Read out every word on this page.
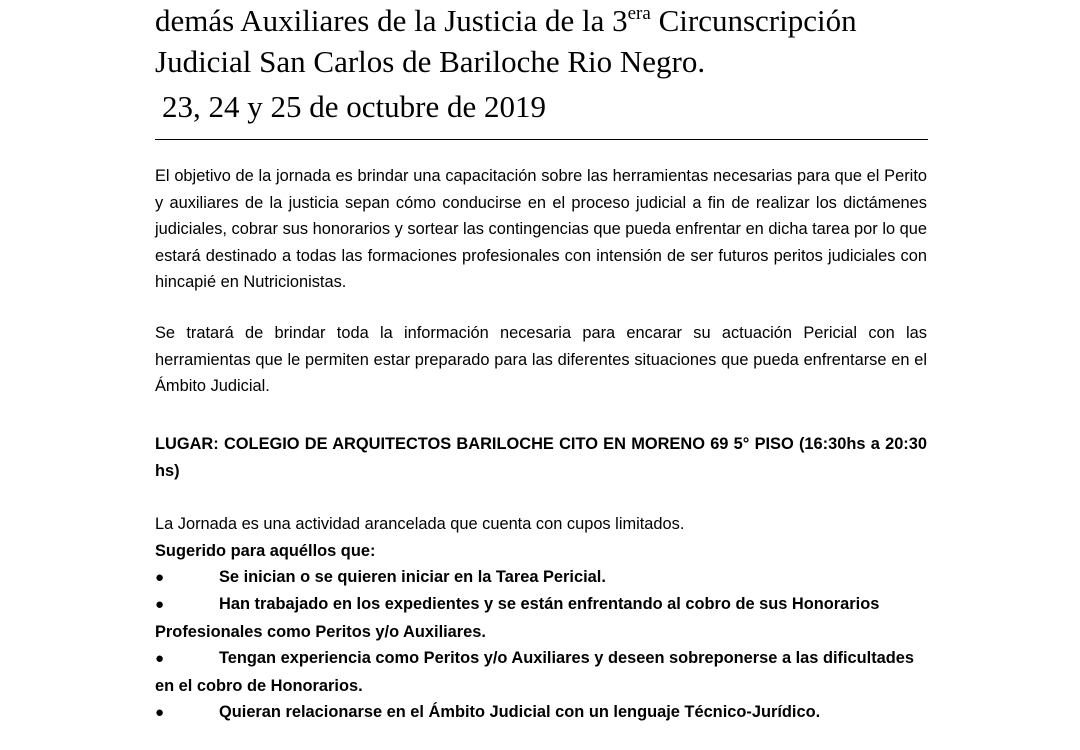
demás Auxiliares de la Justicia de la $3^{era}$ Circunscripción
Judicial San Carlos de Bariloche Rio Negro.
23, 24 y 25 de octubre de 2019

El objetivo de la jornada es brindar una capacitación sobre las herramientas necesarias para que el Perito y auxiliares de la justicia sepan cómo conducirse en el proceso judicial a fin de realizar los dictámenes judiciales, cobrar sus honorarios y sortear las contingencias que pueda enfrentar en dicha tarea por lo que estará destinado a todas las formaciones profesionales con intensión de ser futuros peritos judiciales con hincapié en Nutricionistas.

Se tratará de brindar toda la información necesaria para encarar su actuación Pericial con las herramientas que le permiten estar preparado para las diferentes situaciones que pueda enfrentarse en el Ámbito Judicial.

LUGAR: COLEGIO DE ARQUITECTOS BARILOCHE CITO EN MORENO 69 5° PISO (16:30hs a 20:30 hs)

La Jornada es una actividad arancelada que cuenta con cupos limitados.

Sugerido para aquéllos que:

●	Se inician o se quieren iniciar en la Tarea Pericial.
●	Han trabajado en los expedientes y se están enfrentando al cobro de sus Honorarios Profesionales como Peritos y/o Auxiliares.
●	Tengan experiencia como Peritos y/o Auxiliares y deseen sobreponerse a las dificultades en el cobro de Honorarios.
●	Quieran relacionarse en el Ámbito Judicial con un lenguaje Técnico-Jurídico.
